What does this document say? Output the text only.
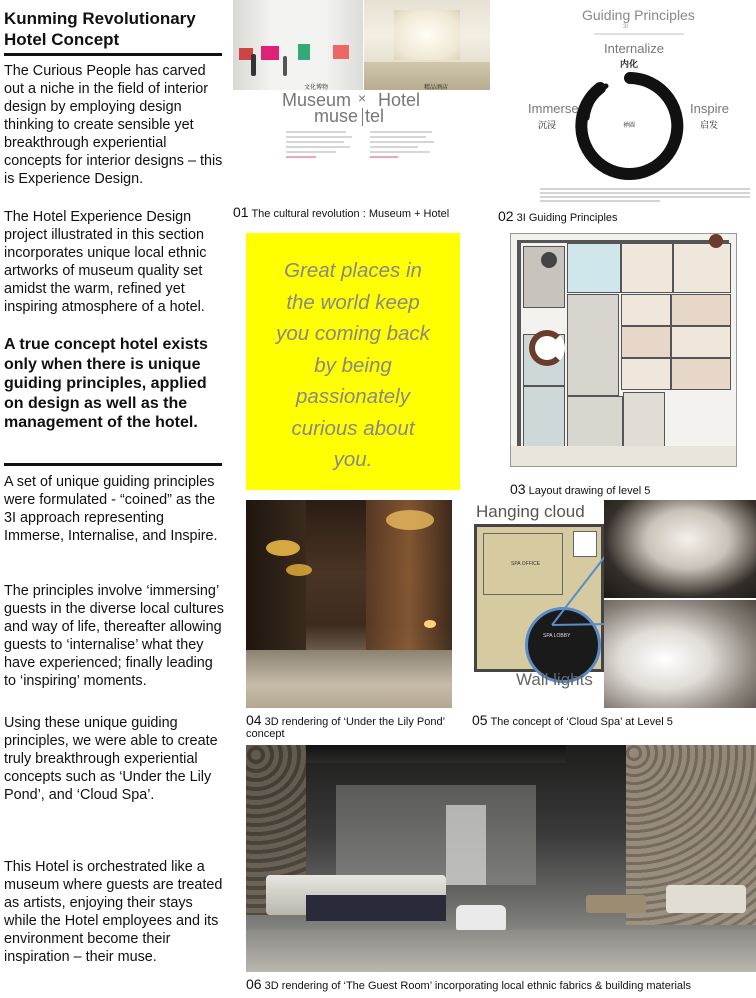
Kunming Revolutionary Hotel Concept
The Curious People has carved out a niche in the field of interior design by employing design thinking to create sensible yet breakthrough experiential concepts for interior designs – this is Experience Design.
The Hotel Experience Design project illustrated in this section incorporates unique local ethnic artworks of museum quality set amidst the warm, refined yet inspiring atmosphere of a hotel.
A true concept hotel exists only when there is unique guiding principles, applied on design as well as the management of the hotel.
A set of unique guiding principles were formulated - “coined” as the 3I approach representing Immerse, Internalise, and Inspire.
The principles involve ‘immersing’ guests in the diverse local cultures and way of life, thereafter allowing guests to ‘internalise’ what they have experienced; finally leading to ‘inspiring’ moments.
Using these unique guiding principles, we were able to create truly breakthrough experiential concepts such as ‘Under the Lily Pond’, and ‘Cloud Spa’.
This Hotel is orchestrated like a museum where guests are treated as artists, enjoying their stays while the Hotel employees and its environment become their inspiration – their muse.
文化博物	精品酒店
Museum × Hotel
muse tel
01 The cultural revolution : Museum + Hotel
Guiding Principles
3I
Internalize
内化
禅圆
Immerse
沉浸
Inspire
启发
02 3I Guiding Principles
Great places in
the world keep
you coming back
by being
passionately
curious about
you.
03 Layout drawing of level 5
04 3D rendering of ‘Under the Lily Pond’ concept
Hanging cloud
SPA OFFICE
SPA LOBBY
Wall lights
05 The concept of ‘Cloud Spa’ at Level 5
06 3D rendering of ‘The Guest Room’ incorporating local ethnic fabrics & building materials
